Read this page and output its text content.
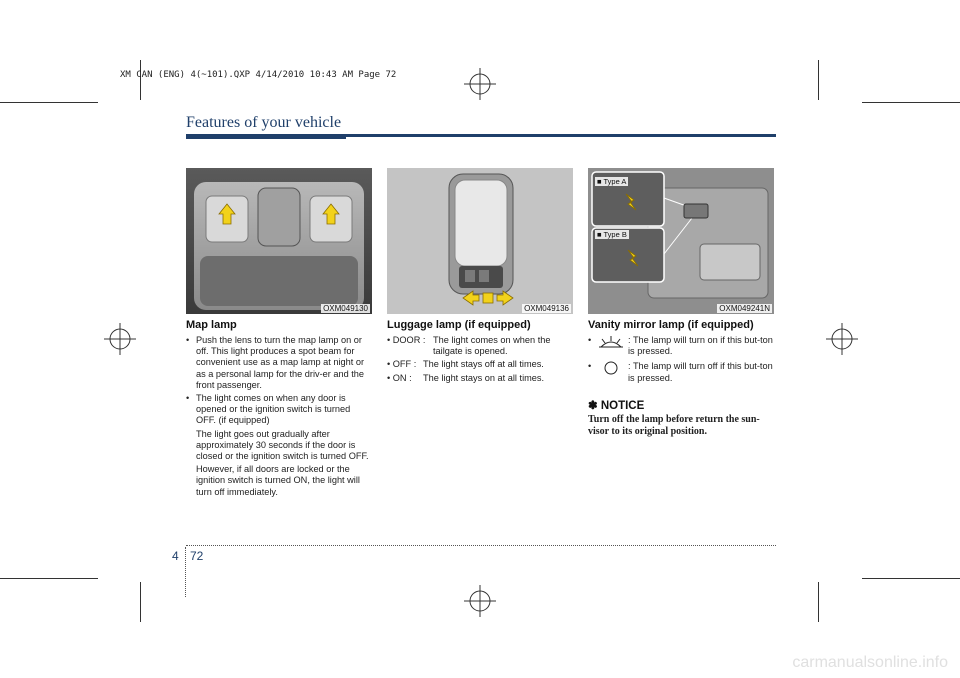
XM CAN (ENG) 4(~101).QXP 4/14/2010 10:43 AM Page 72
Features of your vehicle
OXM049130	OXM049136
■ Type A
■ Type B
OXM049241N
Map lamp
• Push the lens to turn the map lamp on or off. This light produces a spot beam for convenient use as a map lamp at night or as a personal lamp for the driv-er and the front passenger.
• The light comes on when any door is opened or the ignition switch is turned OFF. (if equipped)
The light goes out gradually after approximately 30 seconds if the door is closed or the ignition switch is turned OFF.
However, if all doors are locked or the ignition switch is turned ON, the light will turn off immediately.
Luggage lamp (if equipped)
• DOOR : The light comes on when the tailgate is opened.
• OFF : The light stays off at all times.
• ON :	The light stays on at all times.
Vanity mirror lamp (if equipped)
•	: The lamp will turn on if this but-ton is pressed.
•	: The lamp will turn off if this but-ton is pressed.
✽ NOTICE
Turn off the lamp before return the sun-visor to its original position.
4 72
carmanualsonline.info
